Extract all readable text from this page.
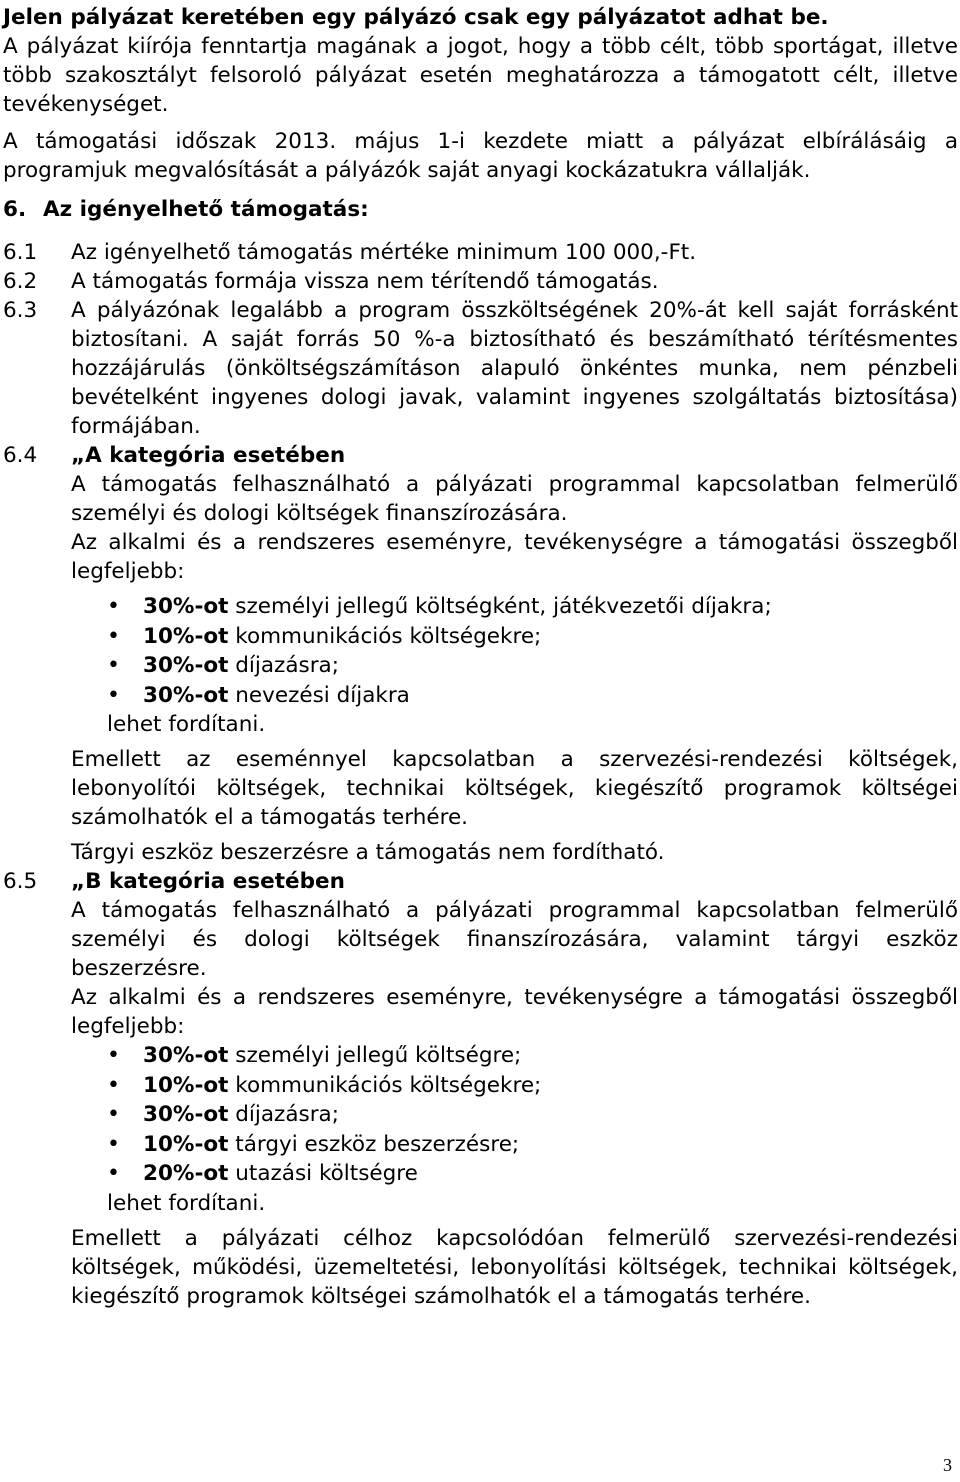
Jelen pályázat keretében egy pályázó csak egy pályázatot adhat be.

A pályázat kiírója fenntartja magának a jogot, hogy a több célt, több sportágat, illetve több szakosztályt felsoroló pályázat esetén meghatározza a támogatott célt, illetve tevékenységet.

A támogatási időszak 2013. május 1-i kezdete miatt a pályázat elbírálásáig a programjuk megvalósítását a pályázók saját anyagi kockázatukra vállalják.

6. Az igényelhető támogatás:
6.1	Az igényelhető támogatás mértéke minimum 100 000,-Ft.

6.2	A támogatás formája vissza nem térítendő támogatás.

6.3	A pályázónak legalább a program összköltségének 20%-át kell saját forrásként biztosítani. A saját forrás 50 %-a biztosítható és beszámítható térítésmentes hozzájárulás (önköltségszámításon alapuló önkéntes munka, nem pénzbeli bevételként ingyenes dologi javak, valamint ingyenes szolgáltatás biztosítása) formájában.

6.4	„A kategória esetében

A támogatás felhasználható a pályázati programmal kapcsolatban felmerülő személyi és dologi költségek finanszírozására.

Az alkalmi és a rendszeres eseményre, tevékenységre a támogatási összegből legfeljebb:

• 30%-ot személyi jellegű költségként, játékvezetői díjakra;
• 10%-ot kommunikációs költségekre;
• 30%-ot díjazásra;
• 30%-ot nevezési díjakra

lehet fordítani.

Emellett az eseménnyel kapcsolatban a szervezési-rendezési költségek, lebonyolítói költségek, technikai költségek, kiegészítő programok költségei számolhatók el a támogatás terhére.

Tárgyi eszköz beszerzésre a támogatás nem fordítható.

6.5	„B kategória esetében

A támogatás felhasználható a pályázati programmal kapcsolatban felmerülő személyi és dologi költségek finanszírozására, valamint tárgyi eszköz beszerzésre.

Az alkalmi és a rendszeres eseményre, tevékenységre a támogatási összegből legfeljebb:

• 30%-ot személyi jellegű költségre;
• 10%-ot kommunikációs költségekre;
• 30%-ot díjazásra;
• 10%-ot tárgyi eszköz beszerzésre;
• 20%-ot utazási költségre

lehet fordítani.

Emellett a pályázati célhoz kapcsolódóan felmerülő szervezési-rendezési költségek, működési, üzemeltetési, lebonyolítási költségek, technikai költségek, kiegészítő programok költségei számolhatók el a támogatás terhére.

3
